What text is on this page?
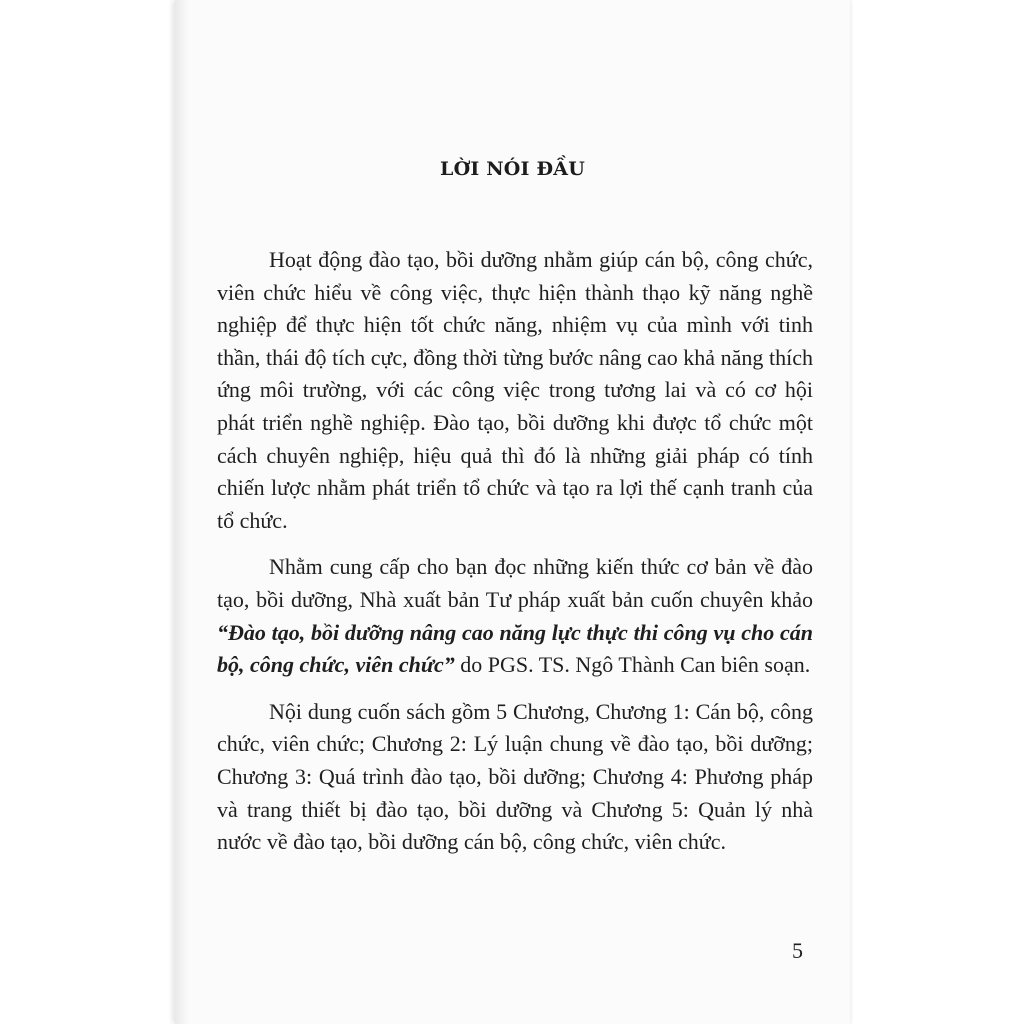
LỜI NÓI ĐẦU

Hoạt động đào tạo, bồi dưỡng nhằm giúp cán bộ, công chức, viên chức hiểu về công việc, thực hiện thành thạo kỹ năng nghề nghiệp để thực hiện tốt chức năng, nhiệm vụ của mình với tinh thần, thái độ tích cực, đồng thời từng bước nâng cao khả năng thích ứng môi trường, với các công việc trong tương lai và có cơ hội phát triển nghề nghiệp. Đào tạo, bồi dưỡng khi được tổ chức một cách chuyên nghiệp, hiệu quả thì đó là những giải pháp có tính chiến lược nhằm phát triển tổ chức và tạo ra lợi thế cạnh tranh của tổ chức.

Nhằm cung cấp cho bạn đọc những kiến thức cơ bản về đào tạo, bồi dưỡng, Nhà xuất bản Tư pháp xuất bản cuốn chuyên khảo “Đào tạo, bồi dưỡng nâng cao năng lực thực thi công vụ cho cán bộ, công chức, viên chức” do PGS. TS. Ngô Thành Can biên soạn.

Nội dung cuốn sách gồm 5 Chương, Chương 1: Cán bộ, công chức, viên chức; Chương 2: Lý luận chung về đào tạo, bồi dưỡng; Chương 3: Quá trình đào tạo, bồi dưỡng; Chương 4: Phương pháp và trang thiết bị đào tạo, bồi dưỡng và Chương 5: Quản lý nhà nước về đào tạo, bồi dưỡng cán bộ, công chức, viên chức.

5
